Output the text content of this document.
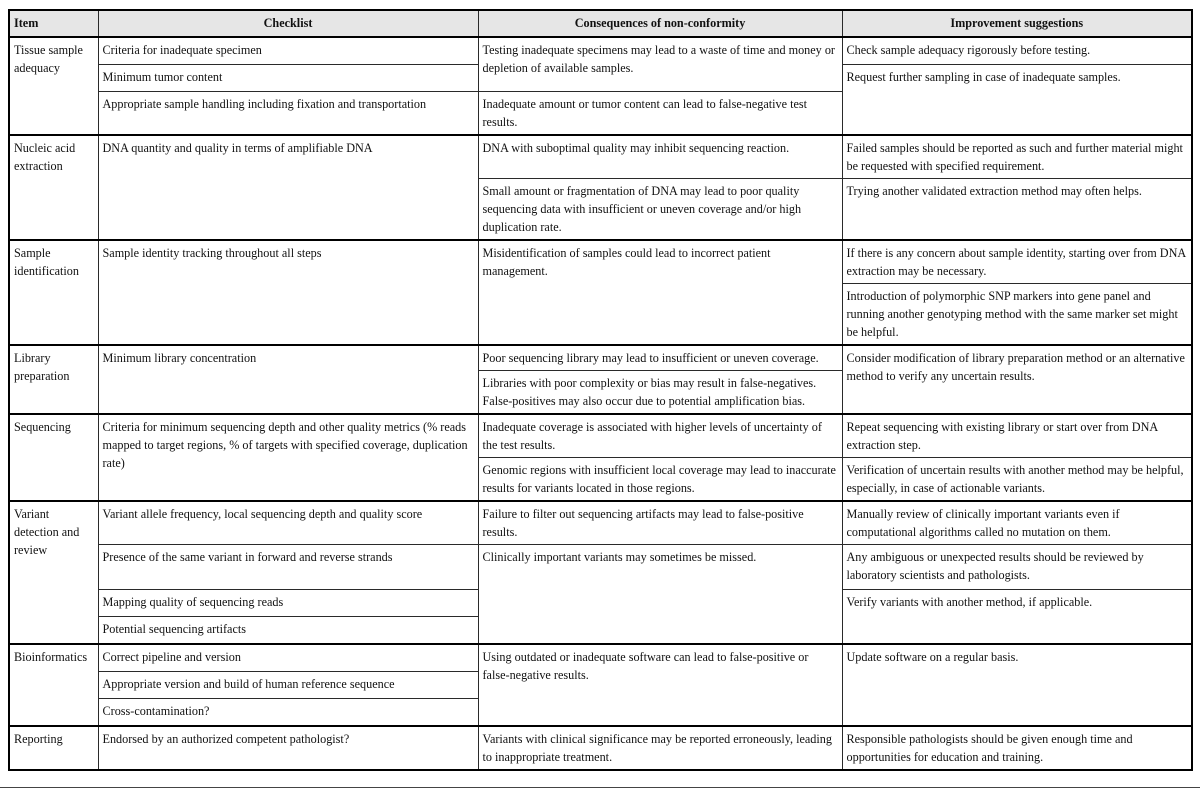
Item	Checklist	Consequences of non-conformity	Improvement suggestions
Tissue sample adequacy	Criteria for inadequate specimen	Testing inadequate specimens may lead to a waste of time and money or depletion of available samples.	Check sample adequacy rigorously before testing.
	Minimum tumor content		Request further sampling in case of inadequate samples.
	Appropriate sample handling including fixation and transportation	Inadequate amount or tumor content can lead to false-negative test results.	
Nucleic acid extraction	DNA quantity and quality in terms of amplifiable DNA	DNA with suboptimal quality may inhibit sequencing reaction.	Failed samples should be reported as such and further material might be requested with specified requirement.
		Small amount or fragmentation of DNA may lead to poor quality sequencing data with insufficient or uneven coverage and/or high duplication rate.	Trying another validated extraction method may often helps.
Sample identification	Sample identity tracking throughout all steps	Misidentification of samples could lead to incorrect patient management.	If there is any concern about sample identity, starting over from DNA extraction may be necessary.
			Introduction of polymorphic SNP markers into gene panel and running another genotyping method with the same marker set might be helpful.
Library preparation	Minimum library concentration	Poor sequencing library may lead to insufficient or uneven coverage.	Consider modification of library preparation method or an alternative method to verify any uncertain results.
		Libraries with poor complexity or bias may result in false-negatives. False-positives may also occur due to potential amplification bias.	
Sequencing	Criteria for minimum sequencing depth and other quality metrics (% reads mapped to target regions, % of targets with specified coverage, duplication rate)	Inadequate coverage is associated with higher levels of uncertainty of the test results.	Repeat sequencing with existing library or start over from DNA extraction step.
		Genomic regions with insufficient local coverage may lead to inaccurate results for variants located in those regions.	Verification of uncertain results with another method may be helpful, especially, in case of actionable variants.
Variant detection and review	Variant allele frequency, local sequencing depth and quality score	Failure to filter out sequencing artifacts may lead to false-positive results.	Manually review of clinically important variants even if computational algorithms called no mutation on them.
	Presence of the same variant in forward and reverse strands	Clinically important variants may sometimes be missed.	Any ambiguous or unexpected results should be reviewed by laboratory scientists and pathologists.
	Mapping quality of sequencing reads		Verify variants with another method, if applicable.
	Potential sequencing artifacts		
Bioinformatics	Correct pipeline and version	Using outdated or inadequate software can lead to false-positive or false-negative results.	Update software on a regular basis.
	Appropriate version and build of human reference sequence		
	Cross-contamination?		
Reporting	Endorsed by an authorized competent pathologist?	Variants with clinical significance may be reported erroneously, leading to inappropriate treatment.	Responsible pathologists should be given enough time and opportunities for education and training.
